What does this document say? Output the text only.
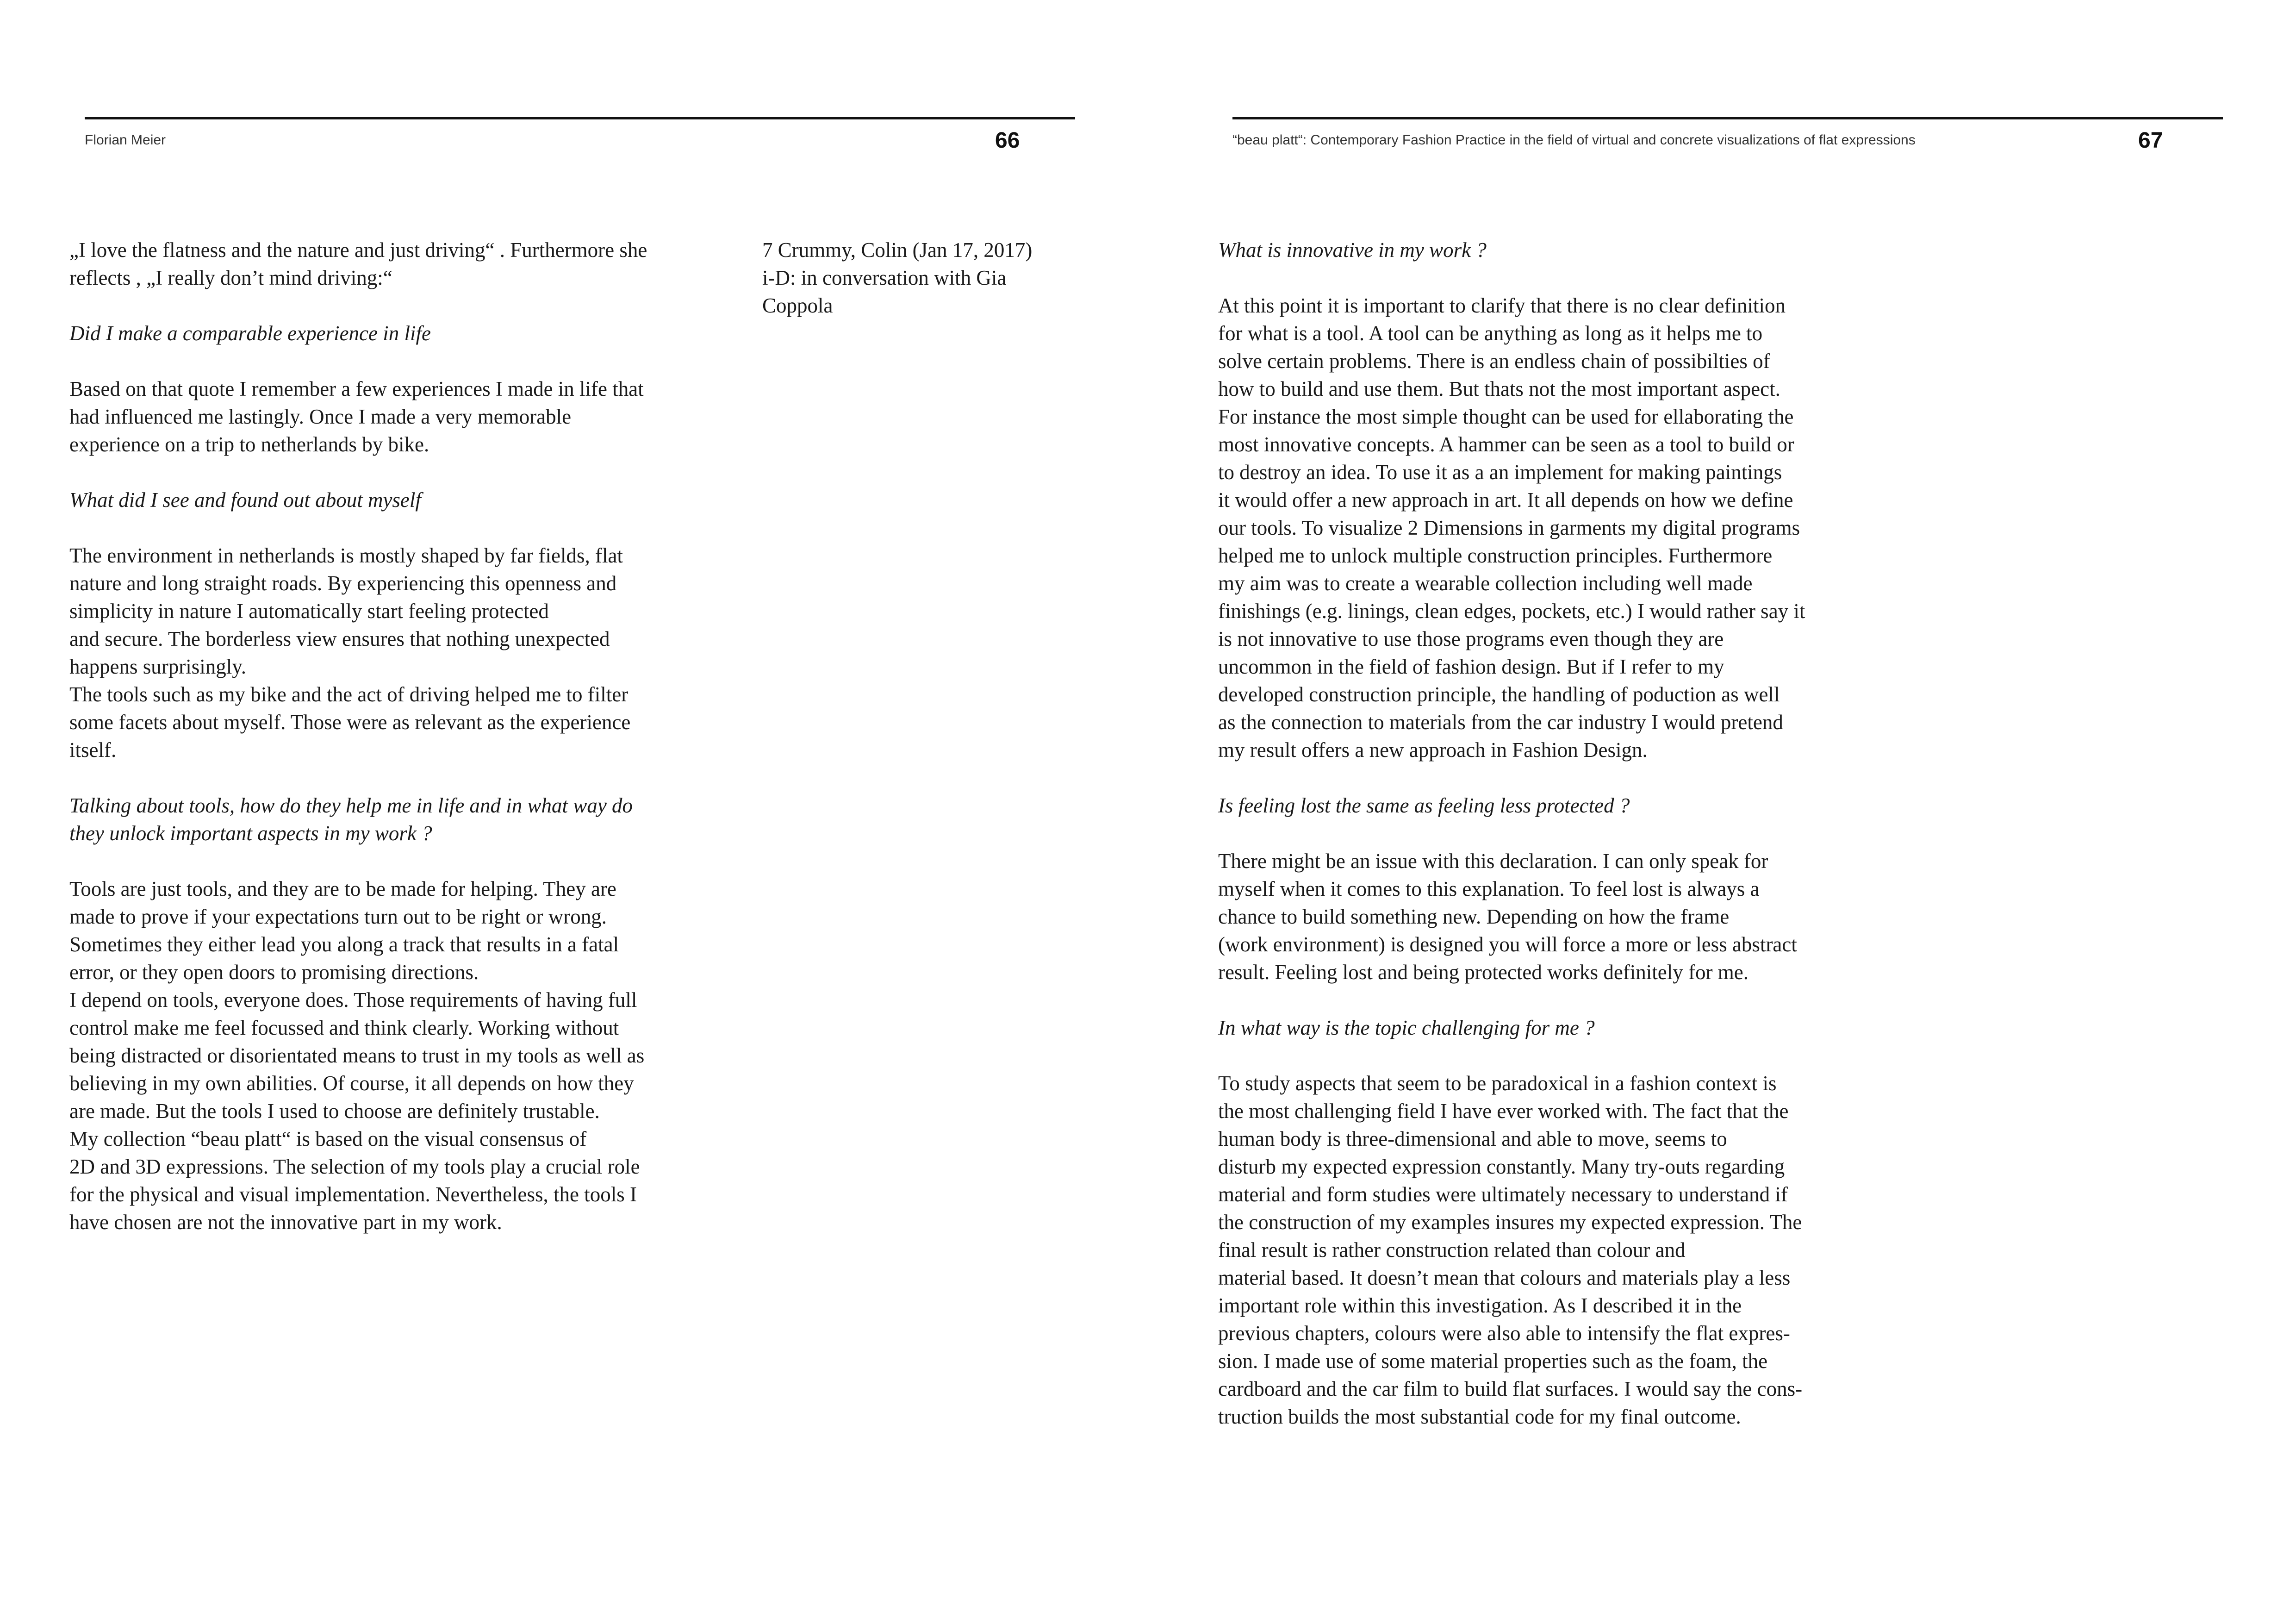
Florian Meier	66

„I love the flatness and the nature and just driving“ . Furthermore she
reflects , „I really don’t mind driving:“

Did I make a comparable experience in life

Based on that quote I remember a few experiences I made in life that
had influenced me lastingly. Once I made a very memorable
experience on a trip to netherlands by bike.

What did I see and found out about myself

The environment in netherlands is mostly shaped by far fields, flat
nature and long straight roads. By experiencing this openness and
simplicity in nature I automatically start feeling protected
and secure. The borderless view ensures that nothing unexpected
happens surprisingly.
The tools such as my bike and the act of driving helped me to filter
some facets about myself. Those were as relevant as the experience
itself.

Talking about tools, how do they help me in life and in what way do
they unlock important aspects in my work ?

Tools are just tools, and they are to be made for helping. They are
made to prove if your expectations turn out to be right or wrong.
Sometimes they either lead you along a track that results in a fatal
error, or they open doors to promising directions.
I depend on tools, everyone does. Those requirements of having full
control make me feel focussed and think clearly. Working without
being distracted or disorientated means to trust in my tools as well as
believing in my own abilities. Of course, it all depends on how they
are made. But the tools I used to choose are definitely trustable.
My collection “beau platt“ is based on the visual consensus of
2D and 3D expressions. The selection of my tools play a crucial role
for the physical and visual implementation. Nevertheless, the tools I
have chosen are not the innovative part in my work.

7 Crummy, Colin (Jan 17, 2017)
i-D: in conversation with Gia
Coppola
“beau platt“: Contemporary Fashion Practice in the field of virtual and concrete visualizations of flat expressions	67

What is innovative in my work ?

At this point it is important to clarify that there is no clear definition
for what is a tool. A tool can be anything as long as it helps me to
solve certain problems. There is an endless chain of possibilties of
how to build and use them. But thats not the most important aspect.
For instance the most simple thought can be used for ellaborating the
most innovative concepts. A hammer can be seen as a tool to build or
to destroy an idea. To use it as a an implement for making paintings
it would offer a new approach in art. It all depends on how we define
our tools. To visualize 2 Dimensions in garments my digital programs
helped me to unlock multiple construction principles. Furthermore
my aim was to create a wearable collection including well made
finishings (e.g. linings, clean edges, pockets, etc.) I would rather say it
is not innovative to use those programs even though they are
uncommon in the field of fashion design. But if I refer to my
developed construction principle, the handling of poduction as well
as the connection to materials from the car industry I would pretend
my result offers a new approach in Fashion Design.

Is feeling lost the same as feeling less protected ?

There might be an issue with this declaration. I can only speak for
myself when it comes to this explanation. To feel lost is always a
chance to build something new. Depending on how the frame
(work environment) is designed you will force a more or less abstract
result. Feeling lost and being protected works definitely for me.

In what way is the topic challenging for me ?

To study aspects that seem to be paradoxical in a fashion context is
the most challenging field I have ever worked with. The fact that the
human body is three-dimensional and able to move, seems to
disturb my expected expression constantly. Many try-outs regarding
material and form studies were ultimately necessary to understand if
the construction of my examples insures my expected expression. The
final result is rather construction related than colour and
material based. It doesn’t mean that colours and materials play a less
important role within this investigation. As I described it in the
previous chapters, colours were also able to intensify the flat expres-
sion. I made use of some material properties such as the foam, the
cardboard and the car film to build flat surfaces. I would say the cons-
truction builds the most substantial code for my final outcome.
